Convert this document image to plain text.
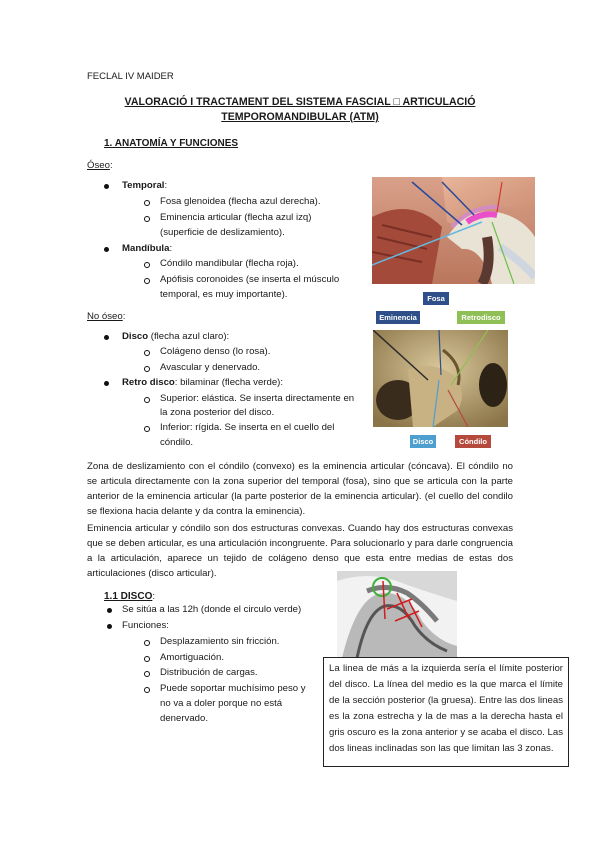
FECLAL IV MAIDER
VALORACIÓ I TRACTAMENT DEL SISTEMA FASCIAL □ ARTICULACIÓ
TEMPOROMANDIBULAR (ATM)
1. ANATOMÍA Y FUNCIONES
Óseo:
Temporal:
Fosa glenoidea (flecha azul derecha).
Eminencia articular (flecha azul izq)
(superficie de deslizamiento).
Mandíbula:
Cóndilo mandibular (flecha roja).
Apófisis coronoides (se inserta el músculo
temporal, es muy importante).
No óseo:
Disco (flecha azul claro):
Colágeno denso (lo rosa).
Avascular y denervado.
Retro disco: bilaminar (flecha verde):
Superior: elástica. Se inserta directamente en
la zona posterior del disco.
Inferior: rígida. Se inserta en el cuello del
cóndilo.
Fosa
Eminencia	Retrodisco
Disco	Cóndilo
Zona de deslizamiento con el cóndilo (convexo) es la eminencia articular (cóncava). El cóndilo no se articula directamente con la zona superior del temporal (fosa), sino que se articula con la parte anterior de la eminencia articular (la parte posterior de la eminencia articular). (el cuello del condilo se flexiona hacia delante y da contra la eminencia).
Eminencia articular y cóndilo son dos estructuras convexas. Cuando hay dos estructuras convexas que se deben articular, es una articulación incongruente. Para solucionarlo y para darle congruencia a la articulación, aparece un tejido de colágeno denso que esta entre medias de estas dos articulaciones (disco articular).
1.1 DISCO:
Se sitúa a las 12h (donde el circulo verde)
Funciones:
Desplazamiento sin fricción.
Amortiguación.
Distribución de cargas.
Puede soportar muchísimo peso y
no va a doler porque no está
denervado.
La linea de más a la izquierda sería el límite posterior del disco. La línea del medio es la que marca el límite de la sección posterior (la gruesa). Entre las dos lineas es la zona estrecha y la de mas a la derecha hasta el gris oscuro es la zona anterior y se acaba el disco. Las dos lineas inclinadas son las que limitan las 3 zonas.
